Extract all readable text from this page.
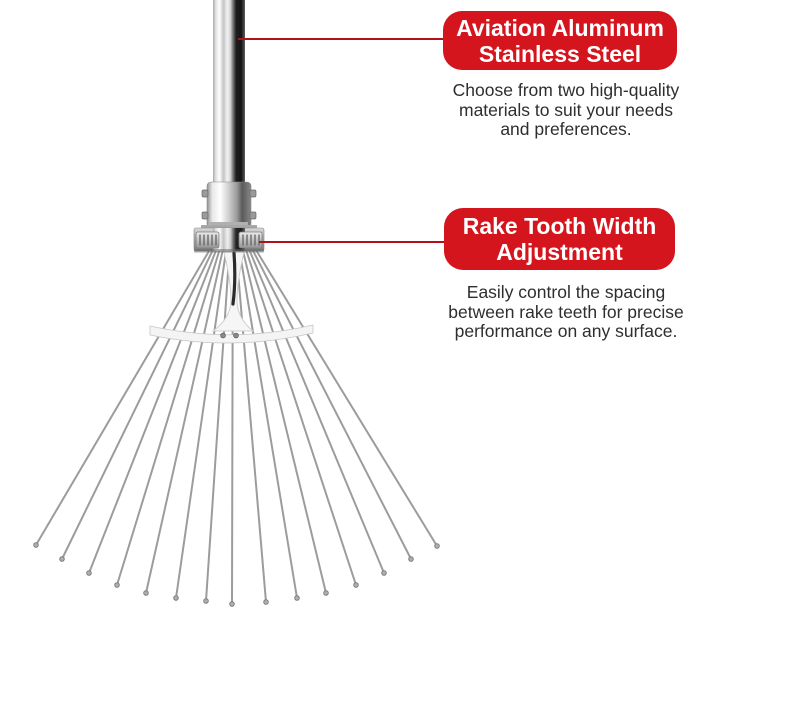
Aviation Aluminum
Stainless Steel
Choose from two high-quality
materials to suit your needs
and preferences.
Rake Tooth Width
Adjustment
Easily control the spacing
between rake teeth for precise
performance on any surface.
